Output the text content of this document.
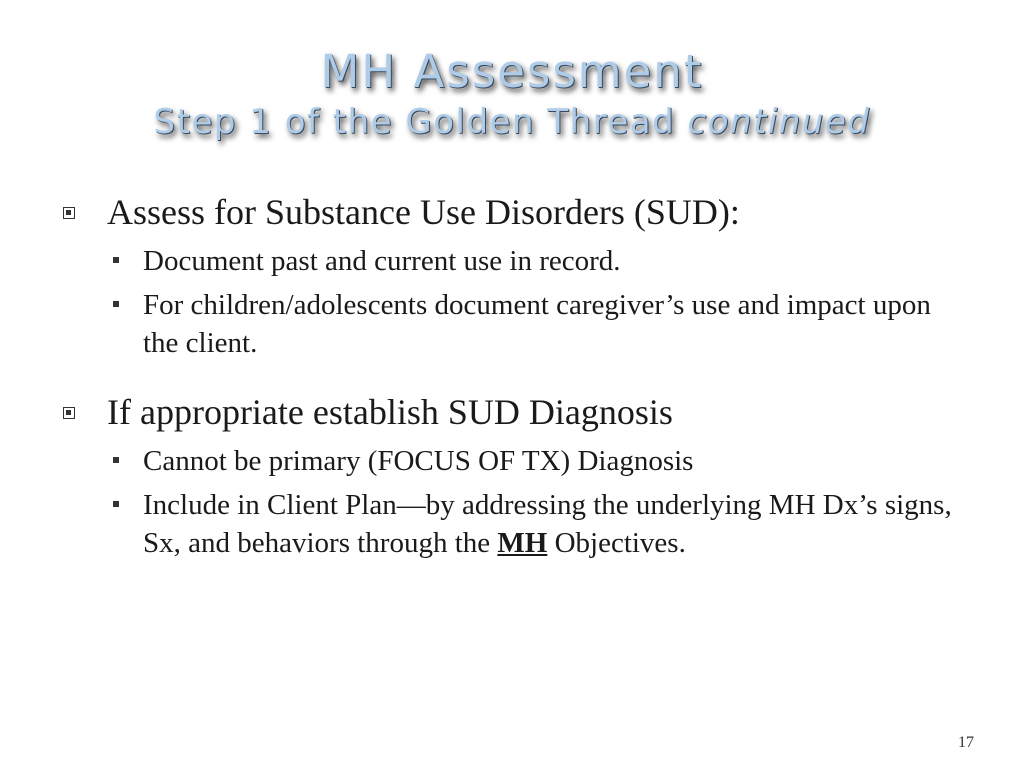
MH Assessment
Step 1 of the Golden Thread continued
Assess for Substance Use Disorders (SUD):
Document past and current use in record.
For children/adolescents document caregiver’s use and impact upon the client.
If appropriate establish SUD Diagnosis
Cannot be primary (FOCUS OF TX) Diagnosis
Include in Client Plan—by addressing the underlying MH Dx’s signs, Sx, and behaviors through the MH Objectives.
17
